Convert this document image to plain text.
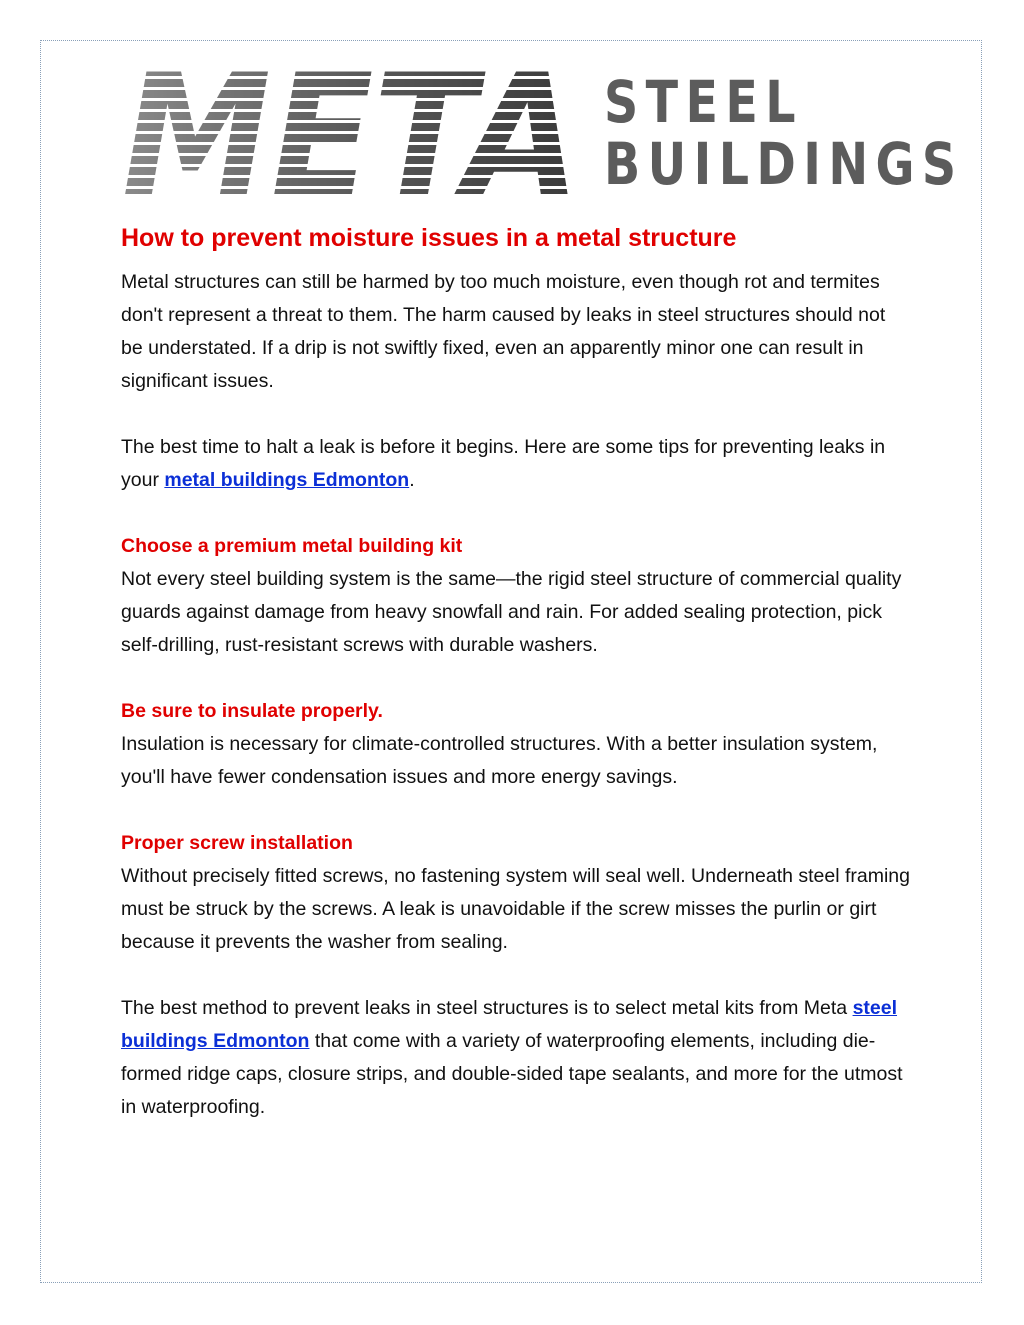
META STEEL
BUILDINGS
How to prevent moisture issues in a metal structure

Metal structures can still be harmed by too much moisture, even though rot and termites don't represent a threat to them. The harm caused by leaks in steel structures should not be understated. If a drip is not swiftly fixed, even an apparently minor one can result in significant issues.

The best time to halt a leak is before it begins. Here are some tips for preventing leaks in your metal buildings Edmonton.

Choose a premium metal building kit

Not every steel building system is the same—the rigid steel structure of commercial quality guards against damage from heavy snowfall and rain. For added sealing protection, pick self-drilling, rust-resistant screws with durable washers.

Be sure to insulate properly.

Insulation is necessary for climate-controlled structures. With a better insulation system, you'll have fewer condensation issues and more energy savings.

Proper screw installation

Without precisely fitted screws, no fastening system will seal well. Underneath steel framing must be struck by the screws. A leak is unavoidable if the screw misses the purlin or girt because it prevents the washer from sealing.

The best method to prevent leaks in steel structures is to select metal kits from Meta steel buildings Edmonton that come with a variety of waterproofing elements, including die-formed ridge caps, closure strips, and double-sided tape sealants, and more for the utmost in waterproofing.
